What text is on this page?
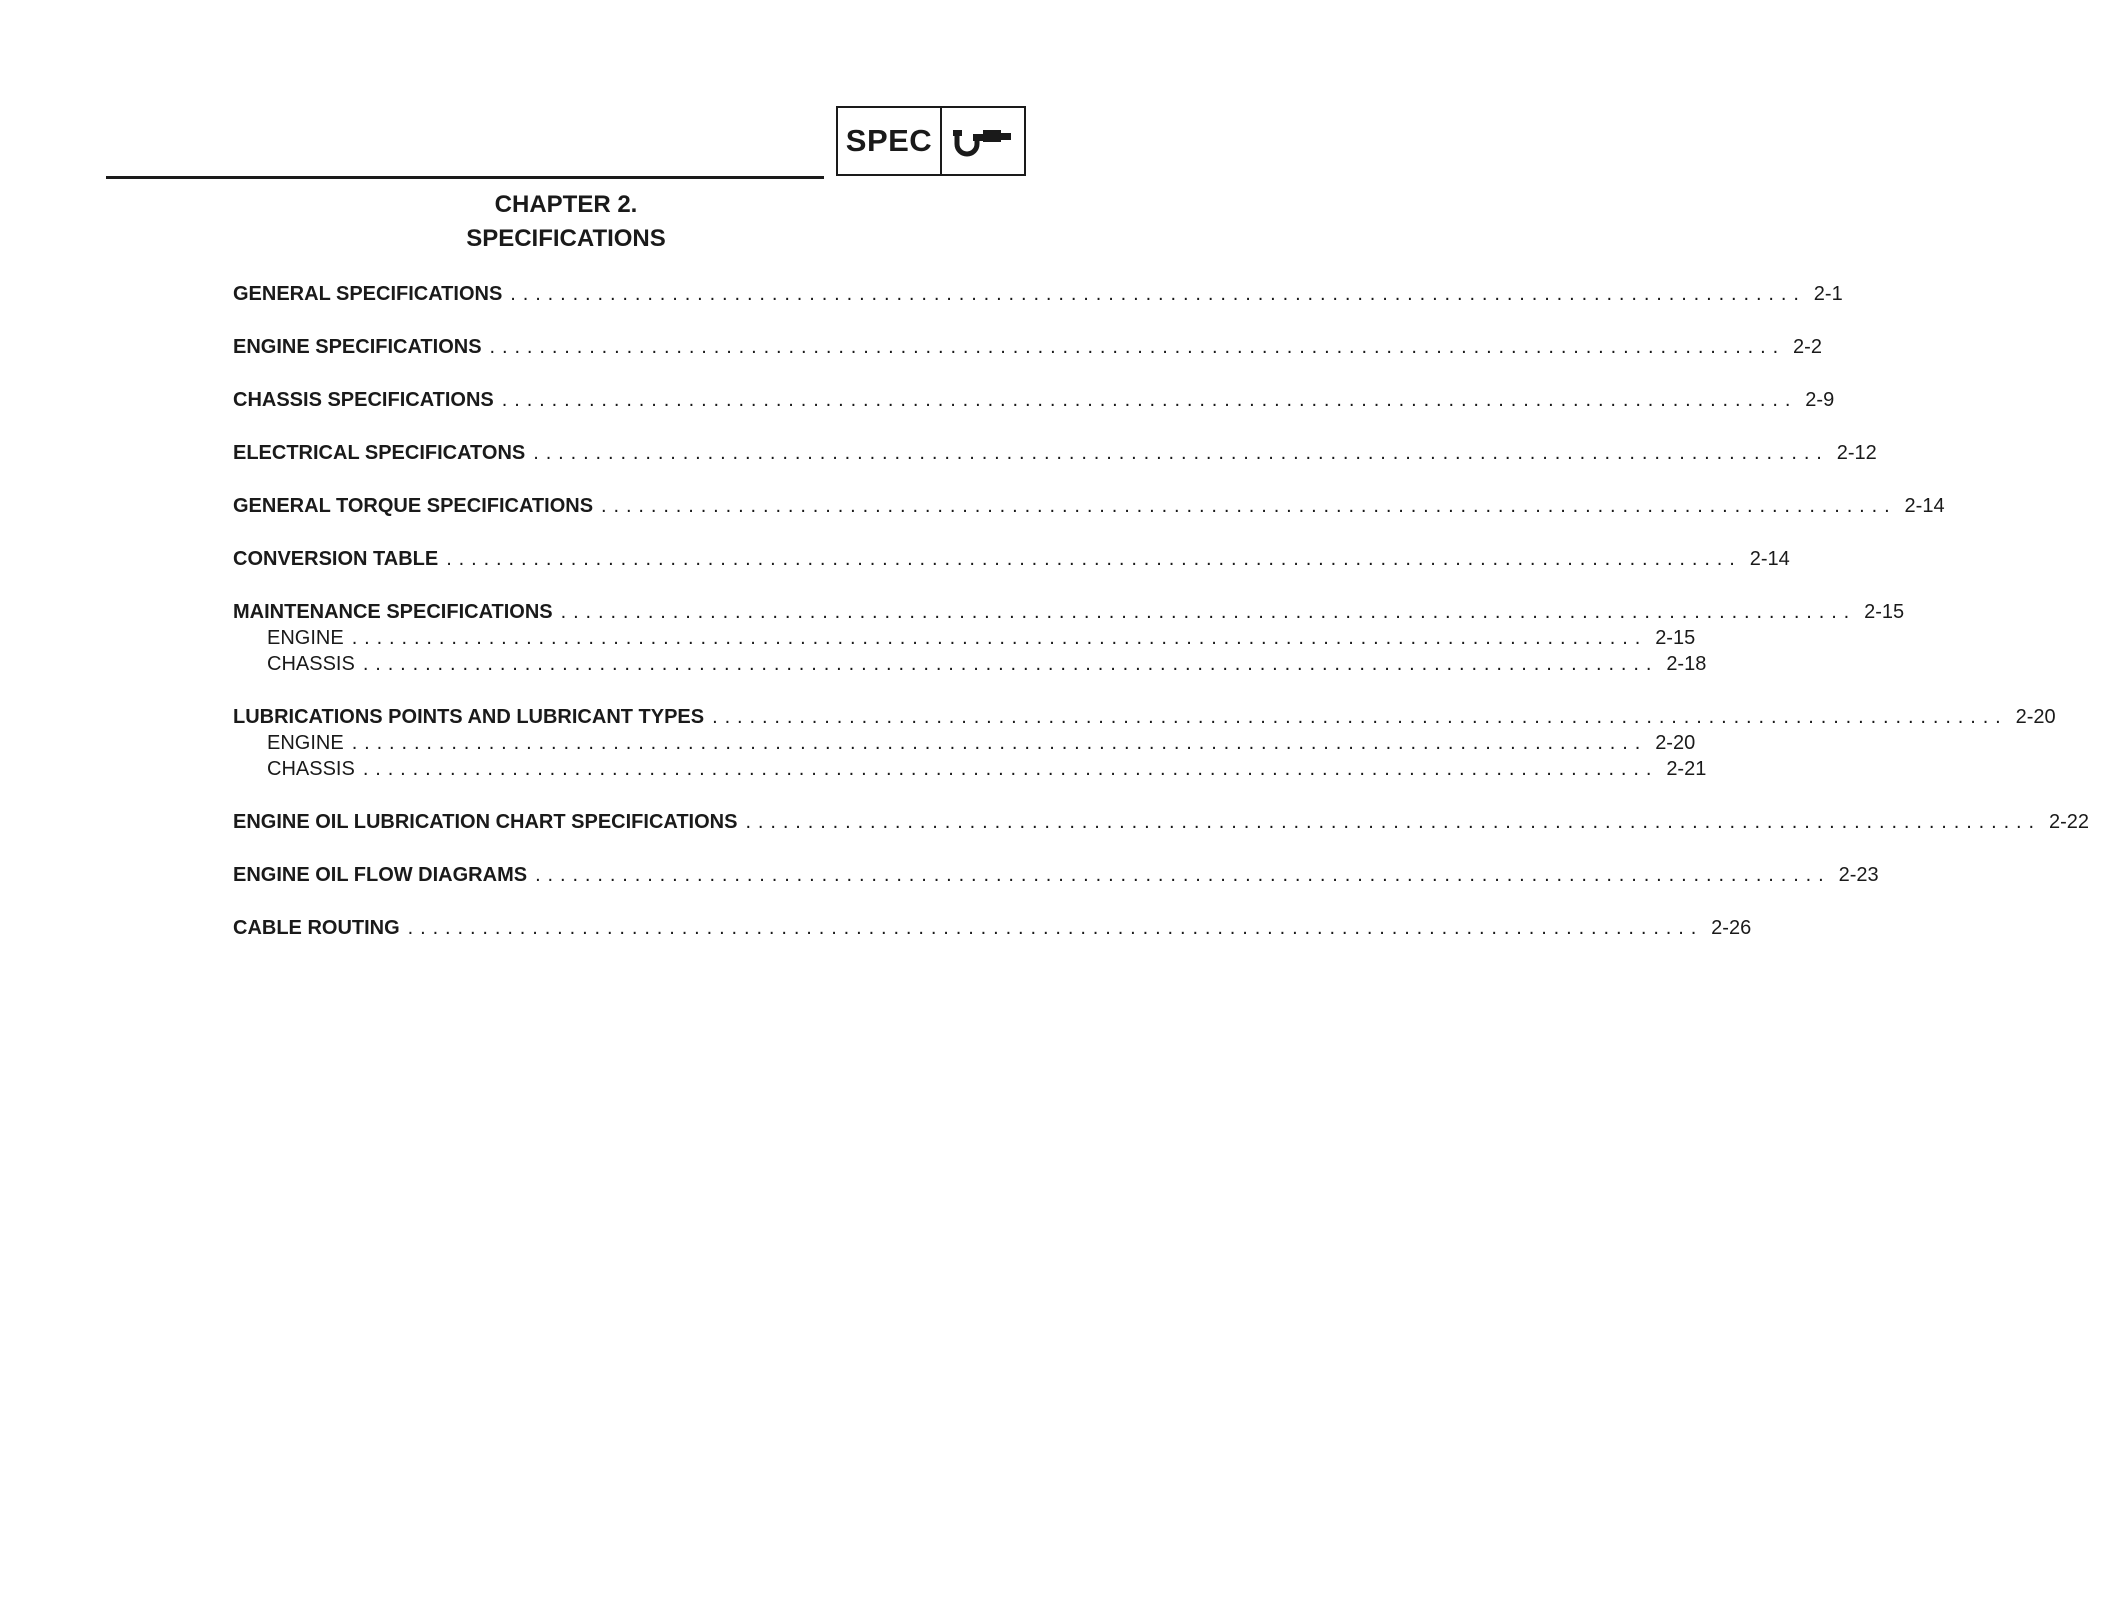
SPEC
CHAPTER 2.
SPECIFICATIONS
GENERAL SPECIFICATIONS ........................................................................................................ 2-1
ENGINE SPECIFICATIONS ........................................................................................................ 2-2
CHASSIS SPECIFICATIONS ........................................................................................................ 2-9
ELECTRICAL SPECIFICATONS ........................................................................................................ 2-12
GENERAL TORQUE SPECIFICATIONS ........................................................................................................ 2-14
CONVERSION TABLE ........................................................................................................ 2-14
MAINTENANCE SPECIFICATIONS ........................................................................................................ 2-15
ENGINE ........................................................................................................ 2-15
CHASSIS ........................................................................................................ 2-18
LUBRICATIONS POINTS AND LUBRICANT TYPES ........................................................................................................ 2-20
ENGINE ........................................................................................................ 2-20
CHASSIS ........................................................................................................ 2-21
ENGINE OIL LUBRICATION CHART SPECIFICATIONS ........................................................................................................ 2-22
ENGINE OIL FLOW DIAGRAMS ........................................................................................................ 2-23
CABLE ROUTING ........................................................................................................ 2-26
